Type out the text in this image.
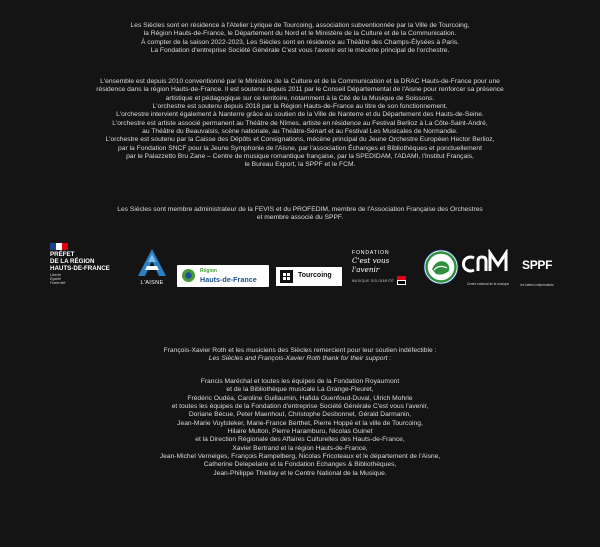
Les Siècles sont en résidence à l'Atelier Lyrique de Tourcoing, association subventionnée par la Ville de Tourcoing,

la Région Hauts-de-France, le Département du Nord et le Ministère de la Culture et de la Communication.

À compter de la saison 2022-2023, Les Siècles sont en résidence au Théâtre des Champs-Élysées à Paris.

La Fondation d'entreprise Société Générale C'est vous l'avenir est le mécène principal de l'orchestre.

L'ensemble est depuis 2010 conventionné par le Ministère de la Culture et de la Communication et la DRAC Hauts-de-France pour une

résidence dans la région Hauts-de-France. Il est soutenu depuis 2011 par le Conseil Départemental de l'Aisne pour renforcer sa présence

artistique et pédagogique sur ce territoire, notamment à la Cité de la Musique de Soissons.

L'orchestre est soutenu depuis 2018 par la Région Hauts-de-France au titre de son fonctionnement.

L'orchestre intervient également à Nanterre grâce au soutien de la Ville de Nanterre et du Département des Hauts-de-Seine.

L'orchestre est artiste associé permanent au Théâtre de Nîmes, artiste en résidence au Festival Berlioz à La Côte-Saint-André,

au Théâtre du Beauvaisis, scène nationale, au Théâtre-Sénart et au Festival Les Musicales de Normandie.

L'orchestre est soutenu par la Caisse des Dépôts et Consignations, mécène principal du Jeune Orchestre Européen Hector Berlioz,

par la Fondation SNCF pour la Jeune Symphonie de l'Aisne, par l'association Échanges et Bibliothèques et ponctuellement

par le Palazzetto Bru Zane – Centre de musique romantique française, par la SPEDIDAM, l'ADAMI, l'Institut Français,

le Bureau Export, la SPPF et le FCM.

Les Siècles sont membre administrateur de la FEVIS et du PROFEDIM, membre de l'Association Française des Orchestres

et membre associé du SPPF.

PRÉFET
DE LA RÉGION
HAUTS-DE-FRANCE
Liberté
Égalité
Fraternité	L'AISNE
Région
Hauts-de-France	Tourcoing
FONDATION
C'est vous l'avenir
MUSIQUE SOLIDARITÉ
Centre national de la musique
SPPF
les labels indépendants

François-Xavier Roth et les musiciens des Siècles remercient pour leur soutien indéfectible :

Les Siècles and François-Xavier Roth thank for their support :

Francis Maréchal et toutes les équipes de la Fondation Royaumont

et de la Bibliothèque musicale La Grange-Fleuret,

Frédéric Oudéa, Caroline Guillaumin, Hafida Guenfoud-Duval, Ulrich Mohrle

et toutes les équipes de la Fondation d'entreprise Société Générale C'est vous l'avenir,

Doriane Bécue, Peter Maenhout, Christophe Desbonnet, Gérald Darmanin,

Jean-Marie Vuylsteker, Marie-France Berthet, Pierre Hoppé et la ville de Tourcoing,

Hilaire Multon, Pierre Haramburu, Nicolas Guinet

et la Direction Régionale des Affaires Culturelles des Hauts-de-France,

Xavier Bertrand et la région Hauts-de-France,

Jean-Michel Verneiges, François Rampelberg, Nicolas Fricoteaux et le département de l'Aisne,

Catherine Delepelaire et la Fondation Echanges & Bibliothèques,

Jean-Philippe Thiellay et le Centre National de la Musique.
